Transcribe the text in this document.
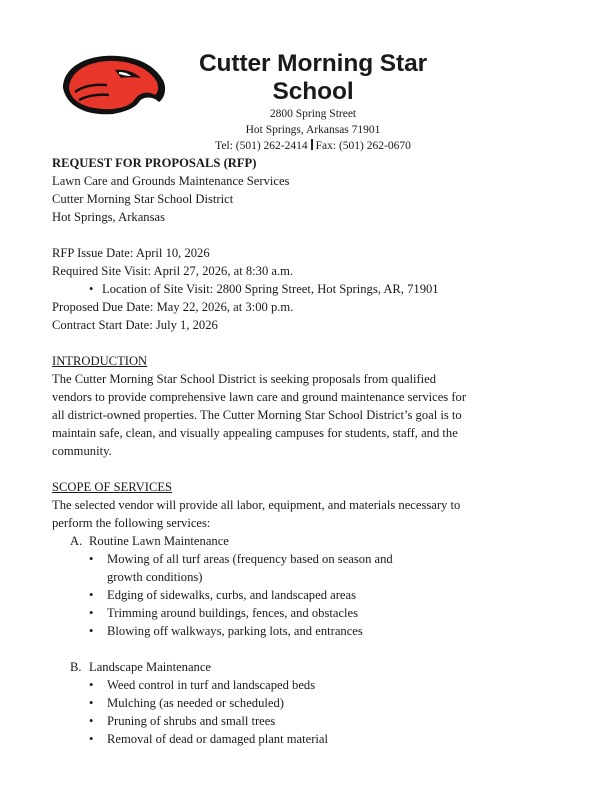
Cutter Morning Star School
2800 Spring Street
Hot Springs, Arkansas 71901
Tel: (501) 262-2414 Fax: (501) 262-0670
REQUEST FOR PROPOSALS (RFP)
Lawn Care and Grounds Maintenance Services
Cutter Morning Star School District
Hot Springs, Arkansas
RFP Issue Date: April 10, 2026
Required Site Visit: April 27, 2026, at 8:30 a.m.
• Location of Site Visit: 2800 Spring Street, Hot Springs, AR, 71901
Proposed Due Date: May 22, 2026, at 3:00 p.m.
Contract Start Date: July 1, 2026
INTRODUCTION
The Cutter Morning Star School District is seeking proposals from qualified
vendors to provide comprehensive lawn care and ground maintenance services for
all district-owned properties. The Cutter Morning Star School District’s goal is to
maintain safe, clean, and visually appealing campuses for students, staff, and the
community.
SCOPE OF SERVICES
The selected vendor will provide all labor, equipment, and materials necessary to
perform the following services:
A. Routine Lawn Maintenance
• Mowing of all turf areas (frequency based on season and growth conditions)
• Edging of sidewalks, curbs, and landscaped areas
• Trimming around buildings, fences, and obstacles
• Blowing off walkways, parking lots, and entrances
B. Landscape Maintenance
• Weed control in turf and landscaped beds
• Mulching (as needed or scheduled)
• Pruning of shrubs and small trees
• Removal of dead or damaged plant material
